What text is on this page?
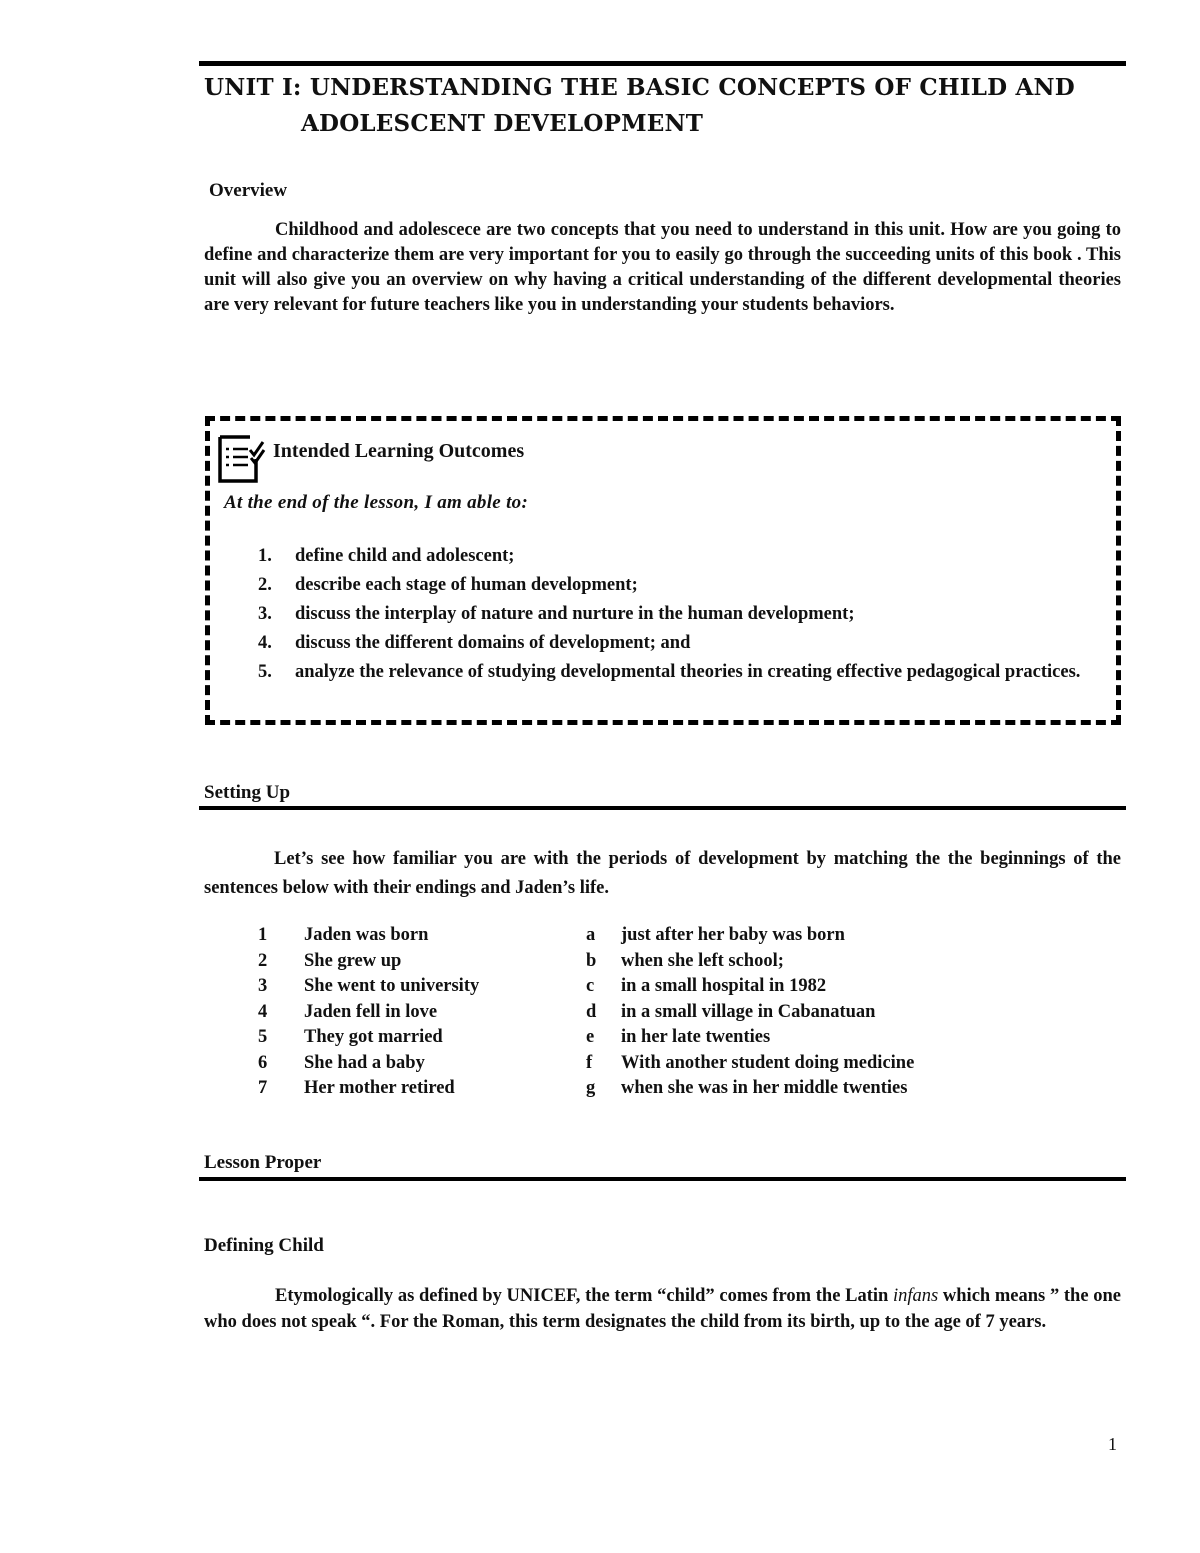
UNIT I: UNDERSTANDING THE BASIC CONCEPTS OF CHILD AND
ADOLESCENT DEVELOPMENT
Overview
Childhood and adolescece are two concepts that you need to understand in this unit. How are you going to define and characterize them are very important for you to easily go through the succeeding units of this book . This unit will also give you an overview on why having a critical understanding of the different developmental theories are very relevant for future teachers like you in understanding your students behaviors.
Intended Learning Outcomes
At the end of the lesson, I am able to:
1.	define child and adolescent;
2.	describe each stage of human development;
3.	discuss the interplay of nature and nurture in the human development;
4.	discuss the different domains of development; and
5.	analyze the relevance of studying developmental theories in creating effective pedagogical practices.
Setting Up
Let’s see how familiar you are with the periods of development by matching the the beginnings of the sentences below with their endings and Jaden’s life.
1	Jaden was born	a	just after her baby was born
2	She grew up	b	when she left school;
3	She went to university	c	in a small hospital in 1982
4	Jaden fell in love	d	in a small village in Cabanatuan
5	They got married	e	in her late twenties
6	She had a baby	f	With another student doing medicine
7	Her mother retired	g	when she was in her middle twenties
Lesson Proper
Defining Child
Etymologically as defined by UNICEF, the term “child” comes from the Latin infans which means ” the one who does not speak “. For the Roman, this term designates the child from its birth, up to the age of 7 years.
1
